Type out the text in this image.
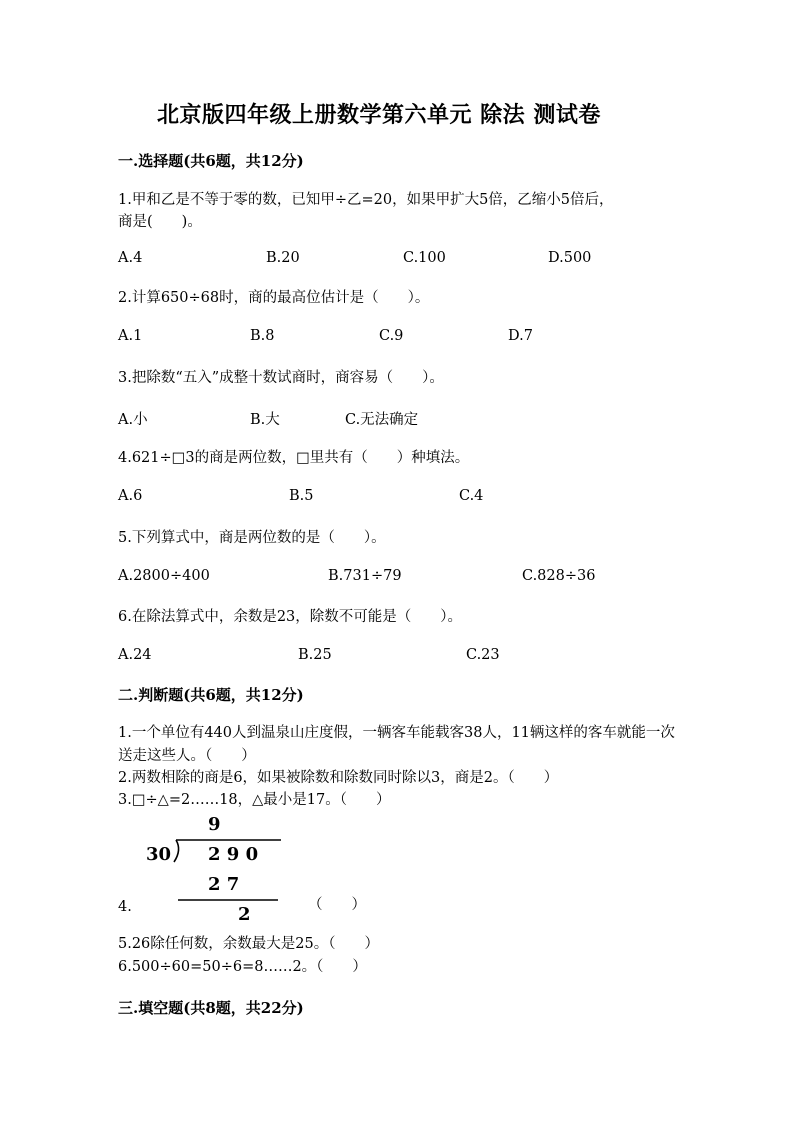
北京版四年级上册数学第六单元 除法 测试卷
一.选择题(共6题，共12分)
1.甲和乙是不等于零的数，已知甲÷乙=20，如果甲扩大5倍，乙缩小5倍后，
商是(　　)。
A.4	B.20	C.100	D.500
2.计算650÷68时，商的最高位估计是（　　）。
A.1	B.8	C.9	D.7
3.把除数“五入”成整十数试商时，商容易（　　）。
A.小	B.大	C.无法确定
4.621÷□3的商是两位数，□里共有（　　）种填法。
A.6	B.5	C.4
5.下列算式中，商是两位数的是（　　）。
A.2800÷400	B.731÷79	C.828÷36
6.在除法算式中，余数是23，除数不可能是（　　）。
A.24	B.25	C.23
二.判断题(共6题，共12分)
1.一个单位有440人到温泉山庄度假，一辆客车能载客38人，11辆这样的客车就能一次送走这些人。（　　）
2.两数相除的商是6，如果被除数和除数同时除以3，商是2。（　　）
3.□÷△=2……18，△最小是17。（　　）
9
30 2 9 0
2 7
2
4.	（　　）
5.26除任何数，余数最大是25。（　　）
6.500÷60=50÷6=8……2。（　　）
三.填空题(共8题，共22分)
